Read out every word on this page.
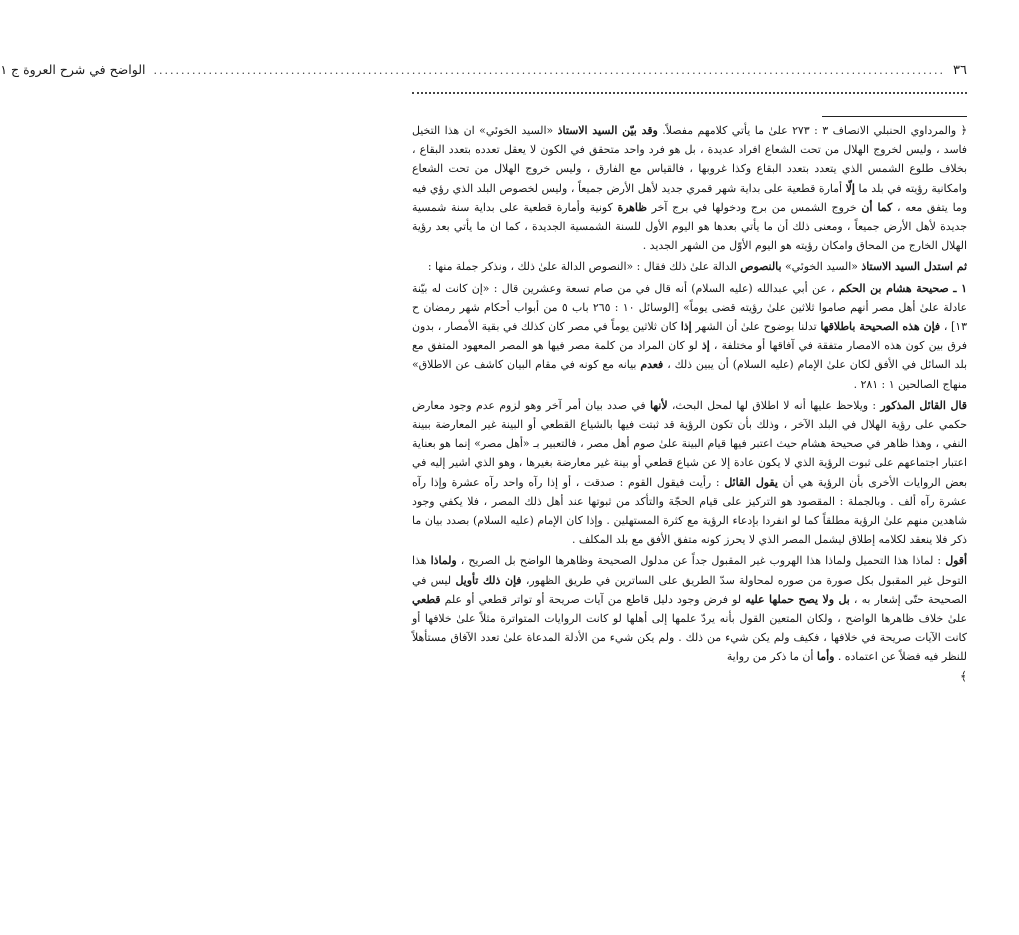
٣٦
................................................................................................................................................
الواضح في شرح العروة ج ١

﴿ والمرداوي الحنبلي الانصاف ٣ : ٢٧٣ علىٰ ما يأتي كلامهم مفصلاً. وقد بيّن السيد الاستاذ «السيد الخوئي» ان هذا التخيل فاسد ، وليس لخروج الهلال من تحت الشعاع افراد عديدة ، بل هو فرد واحد متحقق في الكون لا يعقل تعدده بتعدد البقاع ، بخلاف طلوع الشمس الذي يتعدد بتعدد البقاع وكذا غروبها ، فالقياس مع الفارق ، وليس خروج الهلال من تحت الشعاع وامكانية رؤيته في بلد ما إلّا أمارة قطعية على بداية شهر قمري جديد لأهل الأرض جميعاً ، وليس لخصوص البلد الذي رؤي فيه وما يتفق معه ، كما أن خروج الشمس من برج ودخولها في برج آخر ظاهرة كونية وأمارة قطعية على بداية سنة شمسية جديدة لأهل الأرض جميعاً ، ومعنى ذلك أن ما يأتي بعدها هو اليوم الأول للسنة الشمسية الجديدة ، كما ان ما يأتي بعد رؤية الهلال الخارج من المحاق وامكان رؤيته هو اليوم الأوّل من الشهر الجديد .

ثم استدل السيد الاستاذ «السيد الخوئي» بالنصوص الدالة علىٰ ذلك فقال : «النصوص الدالة علىٰ ذلك ، ونذكر جملة منها :

١ ـ صحيحة هشام بن الحكم ، عن أبي عبدالله (عليه السلام) أنه قال في من صام تسعة وعشرين قال : «إن كانت له بيّنة عادلة علىٰ أهل مصر أنهم صاموا ثلاثين علىٰ رؤيته قضى يوماً» [الوسائل ١٠ : ٢٦٥ باب ٥ من أبواب أحكام شهر رمضان ح ١٣] ، فإن هذه الصحيحة باطلاقها تدلنا بوضوح علىٰ أن الشهر إذا كان ثلاثين يوماً في مصر كان كذلك في بقية الأمصار ، بدون فرق بين كون هذه الامصار متفقة في آفاقها أو مختلفة ، إذ لو كان المراد من كلمة مصر فيها هو المصر المعهود المتفق مع بلد السائل في الأفق لكان علىٰ الإمام (عليه السلام) أن يبين ذلك ، فعدم بيانه مع كونه في مقام البيان كاشف عن الاطلاق» منهاج الصالحين ١ : ٢٨١ .

قال القائل المذكور : ويلاحظ عليها أنه لا اطلاق لها لمحل البحث، لأنها في صدد بيان أمر آخر وهو لزوم عدم وجود معارض حكمي على رؤية الهلال في البلد الآخر ، وذلك بأن تكون الرؤية قد ثبتت فيها بالشياع القطعي أو البينة غير المعارضة ببينة النفي ، وهذا ظاهر في صحيحة هشام حيث اعتبر فيها قيام البينة علىٰ صوم أهل مصر ، فالتعبير بـ «أهل مصر» إنما هو بعناية اعتبار اجتماعهم على ثبوت الرؤية الذي لا يكون عادة إلا عن شياع قطعي أو بينة غير معارضة بغيرها ، وهو الذي اشير إليه في بعض الروايات الأخرى بأن الرؤية هي أن يقول القائل : رأيت فيقول القوم : صدقت ، أو إذا رآه واحد رآه عشرة وإذا رآه عشرة رآه ألف . وبالجملة : المقصود هو التركيز على قيام الحجّة والتأكد من ثبوتها عند أهل ذلك المصر ، فلا يكفي وجود شاهدين منهم علىٰ الرؤية مطلقاً كما لو انفردا بإدعاء الرؤية مع كثرة المستهلين . وإذا كان الإمام (عليه السلام) بصدد بيان ما ذكر فلا ينعقد لكلامه إطلاق ليشمل المصر الذي لا يحرز كونه متفق الأفق مع بلد المكلف .

أقول : لماذا هذا التحميل ولماذا هذا الهروب غير المقبول جداً عن مدلول الصحيحة وظاهرها الواضح بل الصريح ، ولماذا هذا التوحل غير المقبول بكل صورة من صوره لمحاولة سدّ الطريق على الساترين في طريق الظهور، فإن ذلك تأويل ليس في الصحيحة حتّى إشعار به ، بل ولا يصح حملها عليه لو فرض وجود دليل قاطع من آيات صريحة أو تواتر قطعي أو علم قطعي علىٰ خلاف ظاهرها الواضح ، ولكان المتعين القول بأنه يردّ علمها إلى أهلها لو كانت الروايات المتواترة مثلاً علىٰ خلافها أو كانت الآيات صريحة في خلافها ، فكيف ولم يكن شيء من ذلك . ولم يكن شيء من الأدلة المدعاة علىٰ تعدد الآفاق مستأهلاً للنظر فيه فضلاً عن اعتماده . وأما أن ما ذكر من رواية

﴾
